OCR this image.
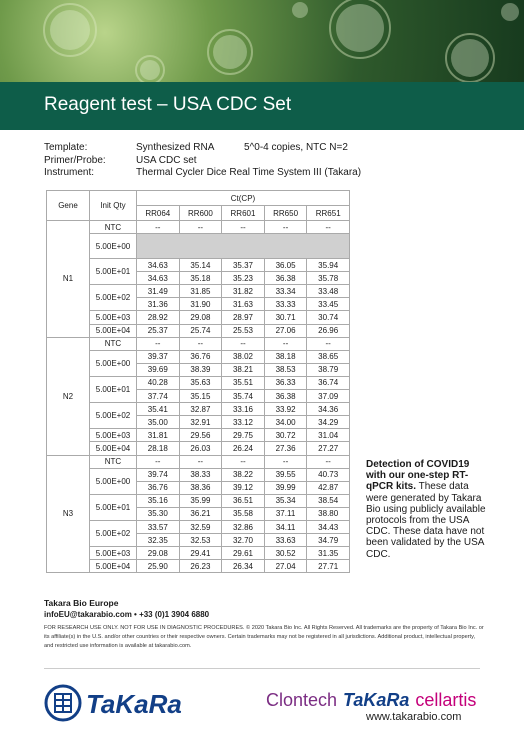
Reagent test – USA CDC Set
Template:	Synthesized RNA	5^0-4 copies, NTC N=2
Primer/Probe:	USA CDC set
Instrument:	Thermal Cycler Dice Real Time System III (Takara)
Gene	Init Qty	Ct(CP)				
		RR064	RR600	RR601	RR650	RR651
N1	NTC	--	--	--	--	--
	5.00E+00					
	5.00E+01	34.63	35.14	35.37	36.05	35.94
		34.63	35.18	35.23	36.38	35.78
	5.00E+02	31.49	31.85	31.82	33.34	33.48
		31.36	31.90	31.63	33.33	33.45
	5.00E+03	28.92	29.08	28.97	30.71	30.74
	5.00E+04	25.37	25.74	25.53	27.06	26.96
N2	NTC	--	--	--	--	--
	5.00E+00	39.37	36.76	38.02	38.18	38.65
		39.69	38.39	38.21	38.53	38.79
	5.00E+01	40.28	35.63	35.51	36.33	36.74
		37.74	35.15	35.74	36.38	37.09
	5.00E+02	35.41	32.87	33.16	33.92	34.36
		35.00	32.91	33.12	34.00	34.29
	5.00E+03	31.81	29.56	29.75	30.72	31.04
	5.00E+04	28.18	26.03	26.24	27.36	27.27
N3	NTC	--	--	--	--	--
	5.00E+00	39.74	38.33	38.22	39.55	40.73
		36.76	38.36	39.12	39.99	42.87
	5.00E+01	35.16	35.99	36.51	35.34	38.54
		35.30	36.21	35.58	37.11	38.80
	5.00E+02	33.57	32.59	32.86	34.11	34.43
		32.35	32.53	32.70	33.63	34.79
	5.00E+03	29.08	29.41	29.61	30.52	31.35
	5.00E+04	25.90	26.23	26.34	27.04	27.71
Detection of COVID19 with our one-step RT-qPCR kits. These data were generated by Takara Bio using publicly available protocols from the USA CDC. These data have not been validated by the USA CDC.
Takara Bio Europe
infoEU@takarabio.com • +33 (0)1 3904 6880
FOR RESEARCH USE ONLY. NOT FOR USE IN DIAGNOSTIC PROCEDURES. © 2020 Takara Bio Inc. All Rights Reserved. All trademarks are the property of Takara Bio Inc. or its affiliate(s) in the U.S. and/or other countries or their respective owners. Certain trademarks may not be registered in all jurisdictions. Additional product, intellectual property, and restricted use information is available at takarabio.com.
TaKaRa	Clontech TaKaRa cellartis
www.takarabio.com
